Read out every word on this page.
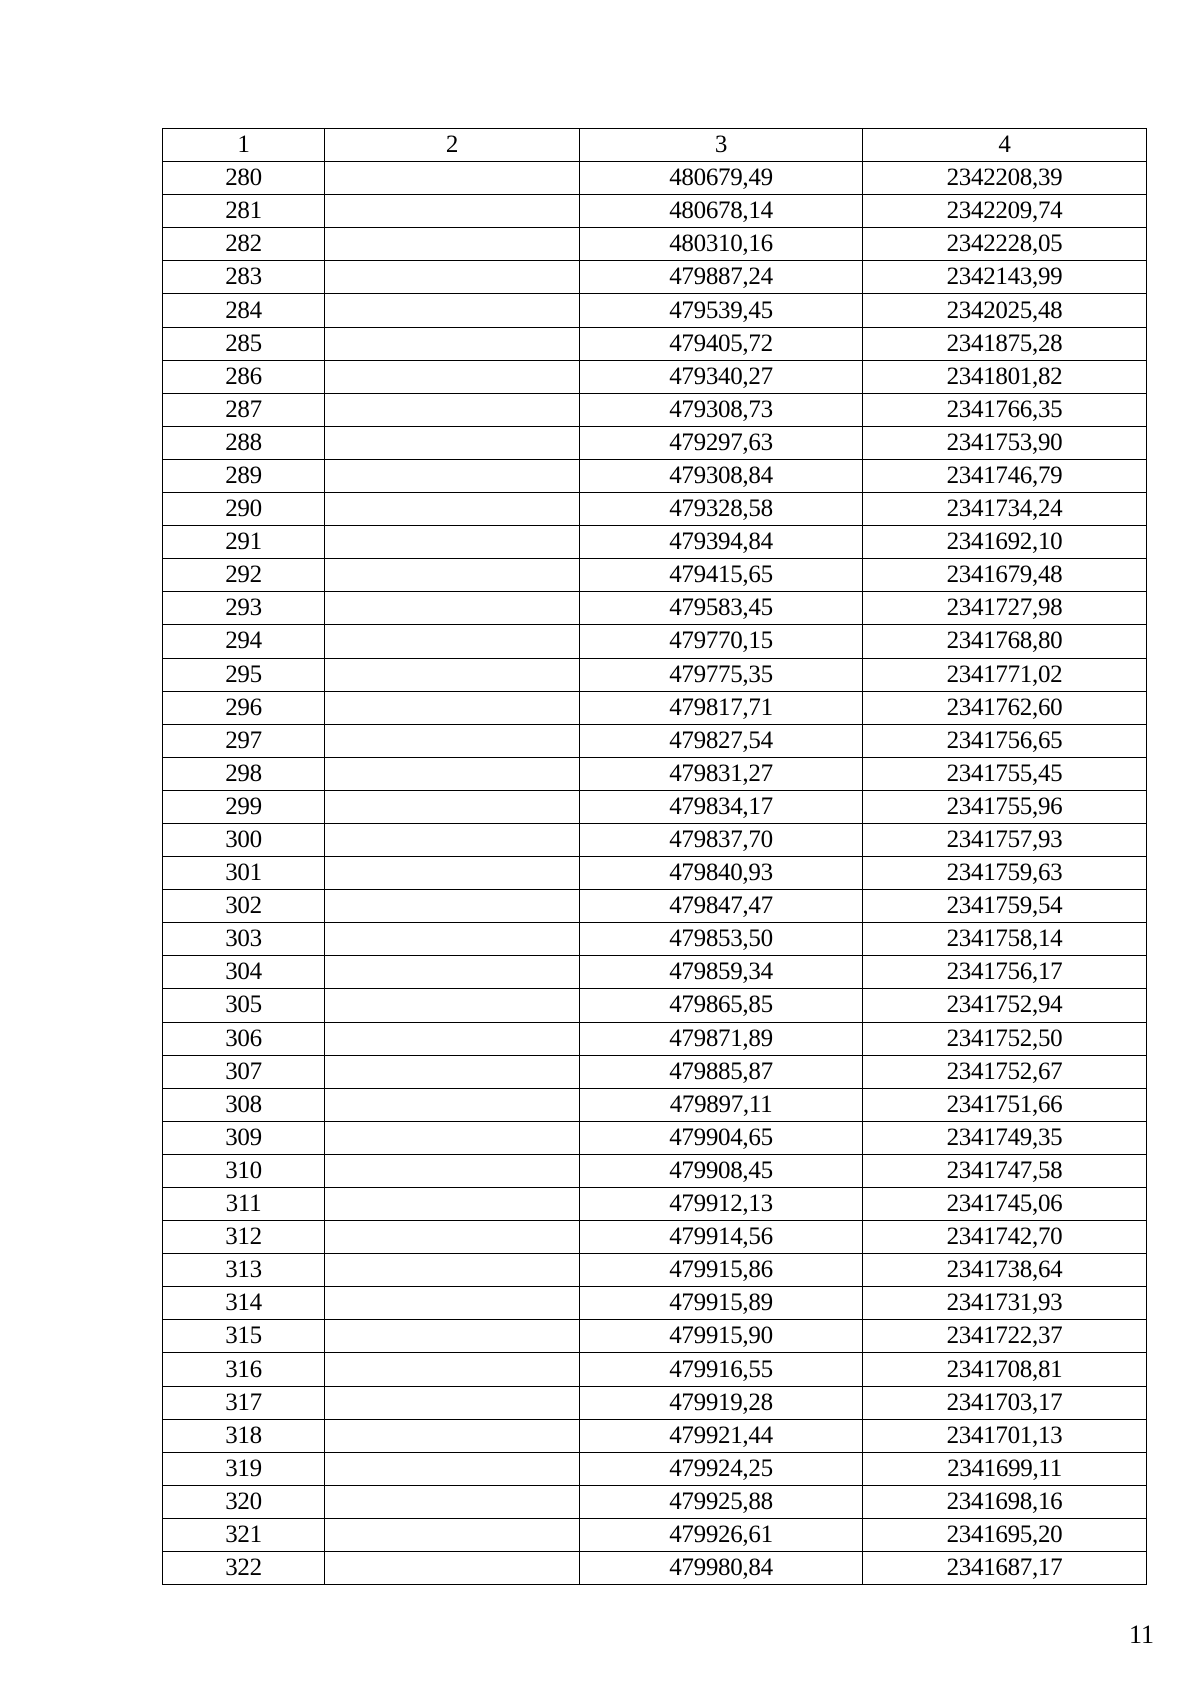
1	2	3	4
280		480679,49	2342208,39
281		480678,14	2342209,74
282		480310,16	2342228,05
283		479887,24	2342143,99
284		479539,45	2342025,48
285		479405,72	2341875,28
286		479340,27	2341801,82
287		479308,73	2341766,35
288		479297,63	2341753,90
289		479308,84	2341746,79
290		479328,58	2341734,24
291		479394,84	2341692,10
292		479415,65	2341679,48
293		479583,45	2341727,98
294		479770,15	2341768,80
295		479775,35	2341771,02
296		479817,71	2341762,60
297		479827,54	2341756,65
298		479831,27	2341755,45
299		479834,17	2341755,96
300		479837,70	2341757,93
301		479840,93	2341759,63
302		479847,47	2341759,54
303		479853,50	2341758,14
304		479859,34	2341756,17
305		479865,85	2341752,94
306		479871,89	2341752,50
307		479885,87	2341752,67
308		479897,11	2341751,66
309		479904,65	2341749,35
310		479908,45	2341747,58
311		479912,13	2341745,06
312		479914,56	2341742,70
313		479915,86	2341738,64
314		479915,89	2341731,93
315		479915,90	2341722,37
316		479916,55	2341708,81
317		479919,28	2341703,17
318		479921,44	2341701,13
319		479924,25	2341699,11
320		479925,88	2341698,16
321		479926,61	2341695,20
322		479980,84	2341687,17
11
